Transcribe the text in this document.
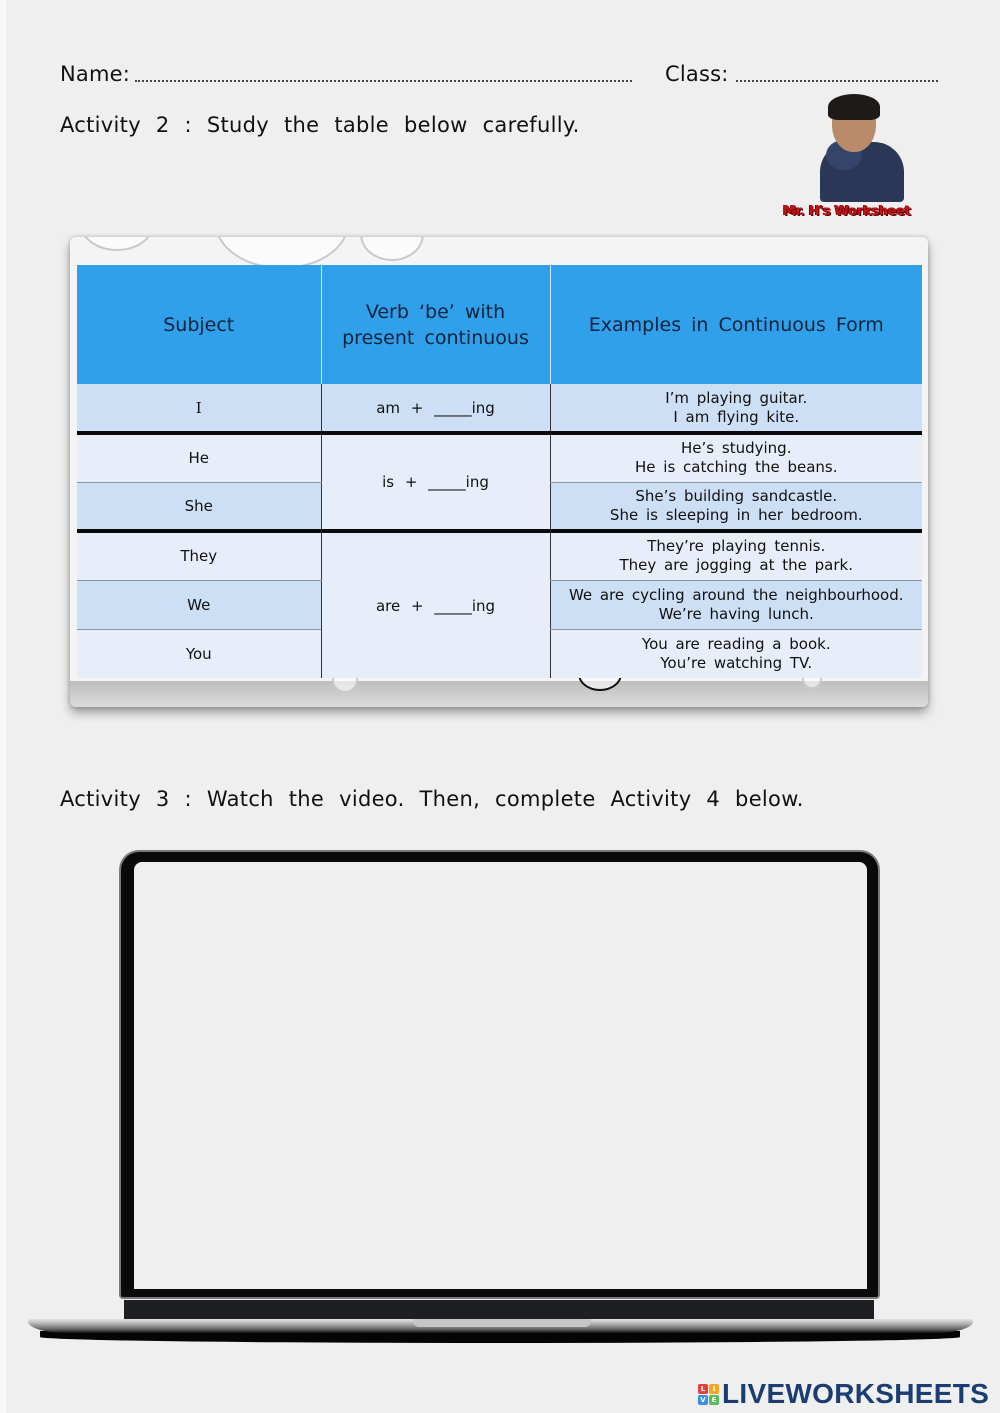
Name:	Class:
Activity 2 : Study the table below carefully.
Mr. H's Worksheet
Subject	Verb ‘be’ with present continuous	Examples in Continuous Form
I	am + _____ing	I’m playing guitar.
I am flying kite.

He	is + _____ing	He’s studying.
He is catching the beans.

She		She’s building sandcastle.
She is sleeping in her bedroom.

They	are + _____ing	They’re playing tennis.
They are jogging at the park.

We		We are cycling around the neighbourhood.
We’re having lunch.

You		You are reading a book.
You’re watching TV.
Activity 3 : Watch the video. Then, complete Activity 4 below.
L	I
V E LIVEWORKSHEETS
